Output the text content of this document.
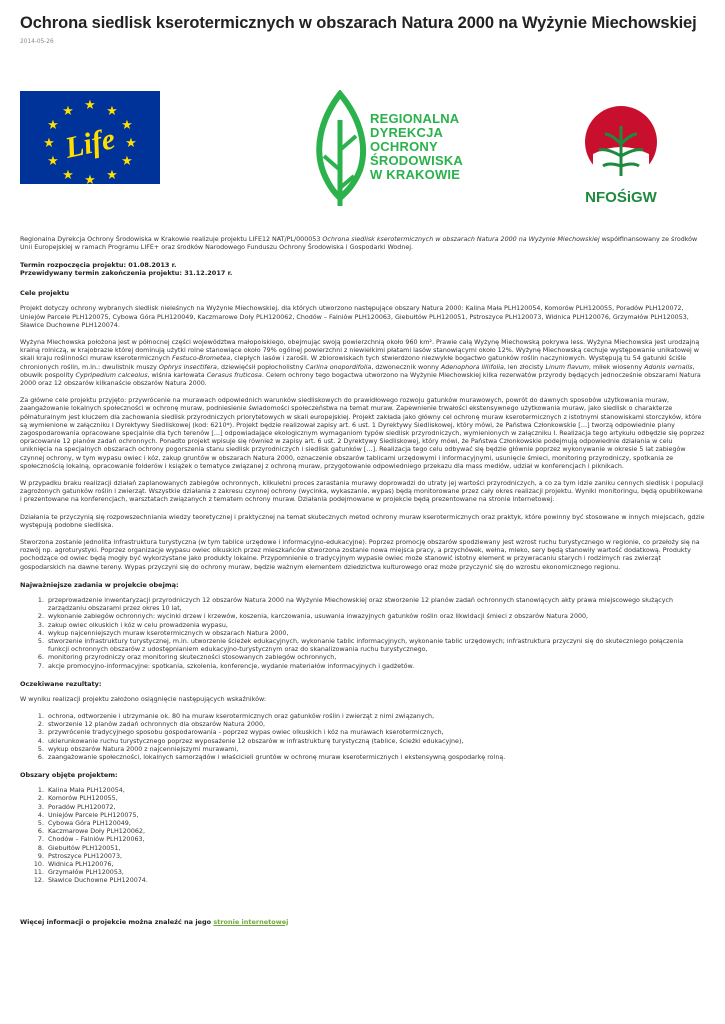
Ochrona siedlisk kserotermicznych w obszarach Natura 2000 na Wyżynie Miechowskiej
2014-05-26
★ ★
★
★
★
★
★
★
★
★
★
★
Life
REGIONALNA
DYREKCJA
OCHRONY
ŚRODOWISKA
W KRAKOWIE
NFOŚiGW

Regionalna Dyrekcja Ochrony Środowiska w Krakowie realizuje projektu LIFE12 NAT/PL/000053 Ochrona siedlisk kserotermicznych w obszarach Natura 2000 na Wyżynie Miechowskiej współfinansowany ze środków Unii Europejskiej w ramach Programu LIFE+ oraz środków Narodowego Funduszu Ochrony Środowiska i Gospodarki Wodnej.

Termin rozpoczęcia projektu: 01.08.2013 r.
Przewidywany termin zakończenia projektu: 31.12.2017 r.
Cele projektu

Projekt dotyczy ochrony wybranych siedlisk nieleśnych na Wyżynie Miechowskiej, dla których utworzono następujące obszary Natura 2000: Kalina Mała PLH120054, Komorów PLH120055, Poradów PLH120072, Uniejów Parcele PLH120075, Cybowa Góra PLH120049, Kaczmarowe Doły PLH120062, Chodów – Falniów PLH120063, Giebułtów PLH120051, Pstroszyce PLH120073, Widnica PLH120076, Grzymałów PLH120053, Sławice Duchowne PLH120074.

Wyżyna Miechowska położona jest w północnej części województwa małopolskiego, obejmując swoją powierzchnią około 960 km². Prawie całą Wyżynę Miechowską pokrywa less. Wyżyna Miechowska jest urodzajną krainą rolniczą, w krajobrazie której dominują użytki rolne stanowiące około 79% ogólnej powierzchni z niewielkimi płatami lasów stanowiącymi około 12%. Wyżynę Miechowską cechuje występowanie unikatowej w skali kraju roślinności muraw kserotermicznych Festuco-Brometea, ciepłych lasów i zarośli. W zbiorowiskach tych stwierdzono niezwykłe bogactwo gatunków roślin naczyniowych. Występują tu 54 gatunki ściśle chronionych roślin, m.in.: dwulistnik muszy Ophrys insectifera, dziewięćsił popłocholistny Carlina onopordifolia, dzwonecznik wonny Adenophora liliifolia, len złocisty Linum flavum, miłek wiosenny Adonis vernalis, obuwik pospolity Cypripedium calceolus, wiśnia karłowata Cerasus fruticosa. Celem ochrony tego bogactwa utworzono na Wyżynie Miechowskiej kilka rezerwatów przyrody będących jednocześnie obszarami Natura 2000 oraz 12 obszarów kilkanaście obszarów Natura 2000.

Za główne cele projektu przyjęto: przywrócenie na murawach odpowiednich warunków siedliskowych do prawidłowego rozwoju gatunków murawowych, powrót do dawnych sposobów użytkowania muraw, zaangażowanie lokalnych społeczności w ochronę muraw, podniesienie świadomości społeczeństwa na temat muraw. Zapewnienie trwałości ekstensywnego użytkowania muraw, jako siedlisk o charakterze półnaturalnym jest kluczem dla zachowania siedlisk przyrodniczych priorytetowych w skali europejskiej. Projekt zakłada jako główny cel ochronę muraw kserotermicznych z istotnymi stanowiskami storczyków, które są wymienione w załączniku I Dyrektywy Siedliskowej (kod: 6210*). Projekt będzie realizował zapisy art. 6 ust. 1 Dyrektywy Siedliskowej, który mówi, że Państwa Członkowskie […] tworzą odpowiednie plany zagospodarowania opracowane specjalnie dla tych terenów […] odpowiadające ekologicznym wymaganiom typów siedlisk przyrodniczych, wymienionych w załączniku I. Realizacja tego artykułu odbędzie się poprzez opracowanie 12 planów zadań ochronnych. Ponadto projekt wpisuje się również w zapisy art. 6 ust. 2 Dyrektywy Siedliskowej, który mówi, że Państwa Członkowskie podejmują odpowiednie działania w celu uniknięcia na specjalnych obszarach ochrony pogorszenia stanu siedlisk przyrodniczych i siedlisk gatunków […]. Realizacja tego celu odbywać się będzie głównie poprzez wykonywanie w okresie 5 lat zabiegów czynnej ochrony, w tym wypasu owiec i kóz, zakup gruntów w obszarach Natura 2000, oznaczenie obszarów tablicami urzędowymi i informacyjnymi, usunięcie śmieci, monitoring przyrodniczy, spotkania ze społecznością lokalną, opracowanie folderów i książek o tematyce związanej z ochroną muraw, przygotowanie odpowiedniego przekazu dla mass mediów, udział w konferencjach i piknikach.

W przypadku braku realizacji działań zaplanowanych zabiegów ochronnych, kilkuletni proces zarastania murawy doprowadzi do utraty jej wartości przyrodniczych, a co za tym idzie zaniku cennych siedlisk i populacji zagrożonych gatunków roślin i zwierząt. Wszystkie działania z zakresu czynnej ochrony (wycinka, wykaszanie, wypas) będą monitorowane przez cały okres realizacji projektu. Wyniki monitoringu, będą opublikowane i prezentowane na konferencjach, warsztatach związanych z tematem ochrony muraw. Działania podejmowane w projekcie będą prezentowane na stronie internetowej.

Działania te przyczynią się rozpowszechniania wiedzy teoretycznej i praktycznej na temat skutecznych metod ochrony muraw kserotermicznych oraz praktyk, które powinny być stosowane w innych miejscach, gdzie występują podobne siedliska.

Stworzona zostanie jednolita infrastruktura turystyczna (w tym tablice urzędowe i informacyjno-edukacyjne). Poprzez promocję obszarów spodziewany jest wzrost ruchu turystycznego w regionie, co przełoży się na rozwój np. agroturystyki. Poprzez organizacje wypasu owiec olkuskich przez mieszkańców stworzona zostanie nowa miejsca pracy, a przychówek, wełna, mleko, sery będą stanowiły wartość dodatkową. Produkty pochodzące od owiec będą mogły być wykorzystane jako produkty lokalne. Przypomnienie o tradycyjnym wypasie owiec może stanowić istotny element w przywracaniu starych i rodzimych ras zwierząt gospodarskich na dawne tereny. Wypas przyczyni się do ochrony muraw, będzie ważnym elementem dziedzictwa kulturowego oraz może przyczynić się do wzrostu ekonomicznego regionu.

Najważniejsze zadania w projekcie obejmą:
1. przeprowadzenie inwentaryzacji przyrodniczych 12 obszarów Natura 2000 na Wyżynie Miechowskiej oraz stworzenie 12 planów zadań ochronnych stanowiących akty prawa miejscowego służących zarządzaniu obszarami przez okres 10 lat,
2. wykonanie zabiegów ochronnych: wycinki drzew i krzewów, koszenia, karczowania, usuwania inwazyjnych gatunków roślin oraz likwidacji śmieci z obszarów Natura 2000,
3. zakup owiec olkuskich i kóz w celu prowadzenia wypasu,
4. wykup najcenniejszych muraw kserotermicznych w obszarach Natura 2000,
5. stworzenie infrastruktury turystycznej, m.in. utworzenie ścieżek edukacyjnych, wykonanie tablic informacyjnych, wykonanie tablic urzędowych; infrastruktura przyczyni się do skuteczniego połączenia funkcji ochronnych obszarów z udostępnianiem edukacyjno-turystycznym oraz do skanalizowania ruchu turystycznego,
6. monitoring przyrodniczy oraz monitoring skuteczności stosowanych zabiegów ochronnych,
7. akcje promocyjno-informacyjne: spotkania, szkolenia, konferencje, wydanie materiałów informacyjnych i gadżetów.
Oczekiwane rezultaty:

W wyniku realizacji projektu założono osiągnięcie następujących wskaźników:

1. ochrona, odtworzenie i utrzymanie ok. 80 ha muraw kserotermicznych oraz gatunków roślin i zwierząt z nimi związanych,
2. stworzenie 12 planów zadań ochronnych dla obszarów Natura 2000,
3. przywrócenie tradycyjnego sposobu gospodarowania - poprzez wypas owiec olkuskich i kóz na murawach kserotermicznych,
4. ukierunkowanie ruchu turystycznego poprzez wyposażenie 12 obszarów w infrastrukturę turystyczną (tablice, ścieżki edukacyjne),
5. wykup obszarów Natura 2000 z najcenniejszymi murawami,
6. zaangażowanie społeczności, lokalnych samorządów i właścicieli gruntów w ochronę muraw kserotermicznych i ekstensywną gospodarkę rolną.
Obszary objęte projektem:
1. Kalina Mała PLH120054,
2. Komorów PLH120055,
3. Poradów PLH120072,
4. Uniejów Parcele PLH120075,
5. Cybowa Góra PLH120049,
6. Kaczmarowe Doły PLH120062,
7. Chodów – Falniów PLH120063,
8. Giebułtów PLH120051,
9. Pstroszyce PLH120073,
10. Widnica PLH120076,
11. Grzymałów PLH120053,
12. Sławice Duchowne PLH120074.
Więcej informacji o projekcie można znaleźć na jego stronie internetowej
